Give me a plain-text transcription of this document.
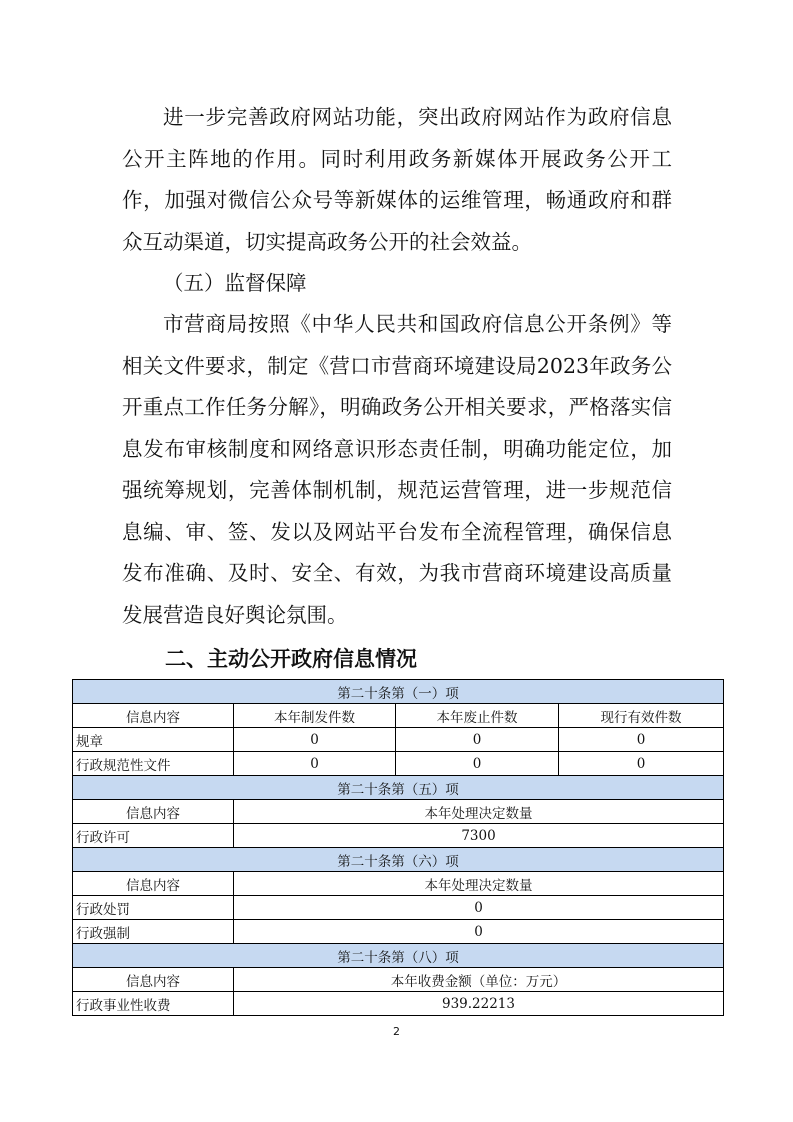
进一步完善政府网站功能，突出政府网站作为政府信息公开主阵地的作用。同时利用政务新媒体开展政务公开工作，加强对微信公众号等新媒体的运维管理，畅通政府和群众互动渠道，切实提高政务公开的社会效益。

（五）监督保障

市营商局按照《中华人民共和国政府信息公开条例》等相关文件要求，制定《营口市营商环境建设局2023年政务公开重点工作任务分解》，明确政务公开相关要求，严格落实信息发布审核制度和网络意识形态责任制，明确功能定位，加强统筹规划，完善体制机制，规范运营管理，进一步规范信息编、审、签、发以及网站平台发布全流程管理，确保信息发布准确、及时、安全、有效，为我市营商环境建设高质量发展营造良好舆论氛围。

二、主动公开政府信息情况
第二十条第（一）项			
信息内容	本年制发件数	本年废止件数	现行有效件数
规章	0	0	0
行政规范性文件	0	0	0
第二十条第（五）项			
信息内容	本年处理决定数量		
行政许可	7300		
第二十条第（六）项			
信息内容	本年处理决定数量		
行政处罚	0		
行政强制	0		
第二十条第（八）项			
信息内容	本年收费金额（单位：万元）		
行政事业性收费	939.22213		
2
